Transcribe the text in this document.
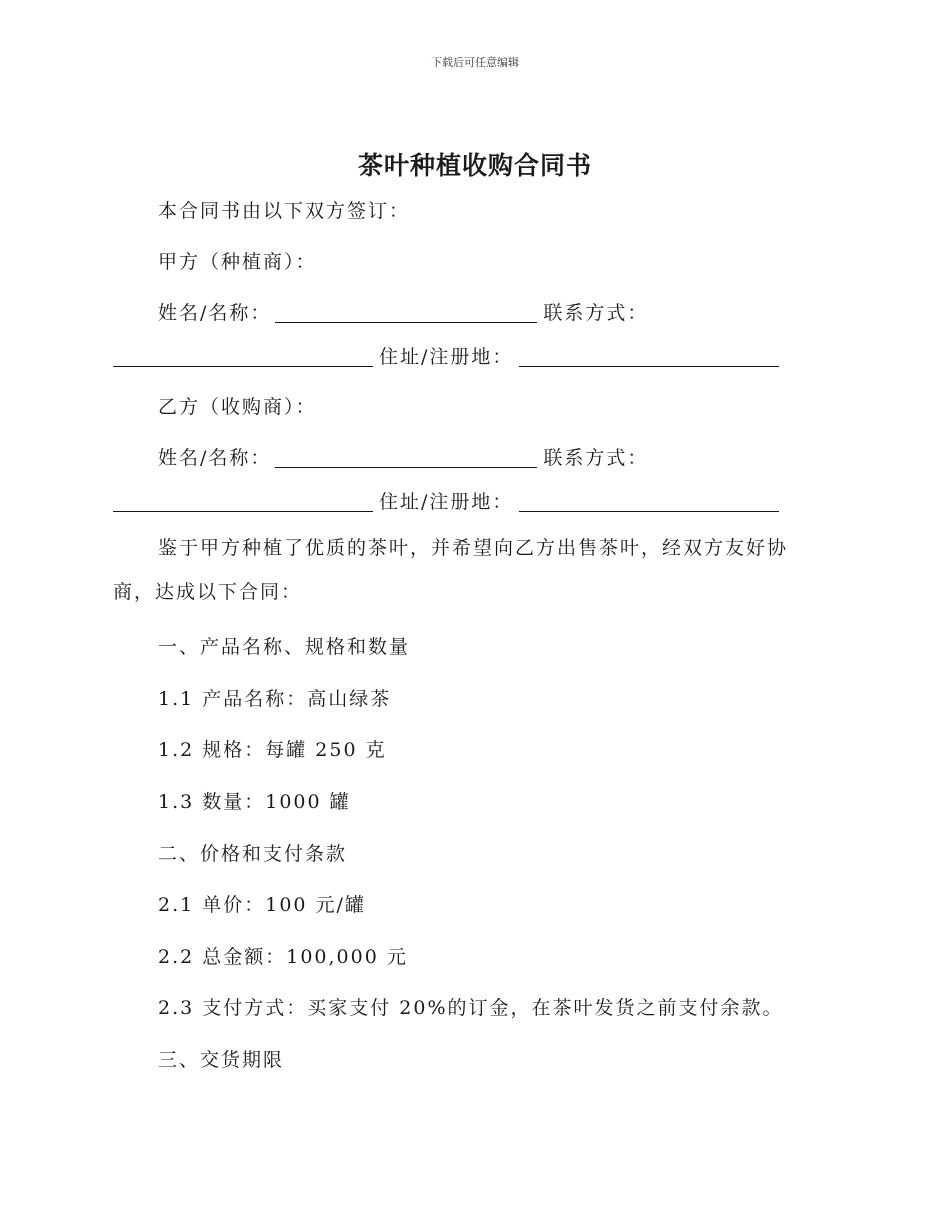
下载后可任意编辑
茶叶种植收购合同书
本合同书由以下双方签订：
甲方（种植商）：
姓名/名称：	联系方式：
住址/注册地：
乙方（收购商）：
姓名/名称：	联系方式：
住址/注册地：
鉴于甲方种植了优质的茶叶，并希望向乙方出售茶叶，经双方友好协商，达成以下合同：
一、产品名称、规格和数量
1.1 产品名称：高山绿茶
1.2 规格：每罐 250 克
1.3 数量：1000 罐
二、价格和支付条款
2.1 单价：100 元/罐
2.2 总金额：100,000 元
2.3 支付方式：买家支付 20%的订金，在茶叶发货之前支付余款。
三、交货期限
